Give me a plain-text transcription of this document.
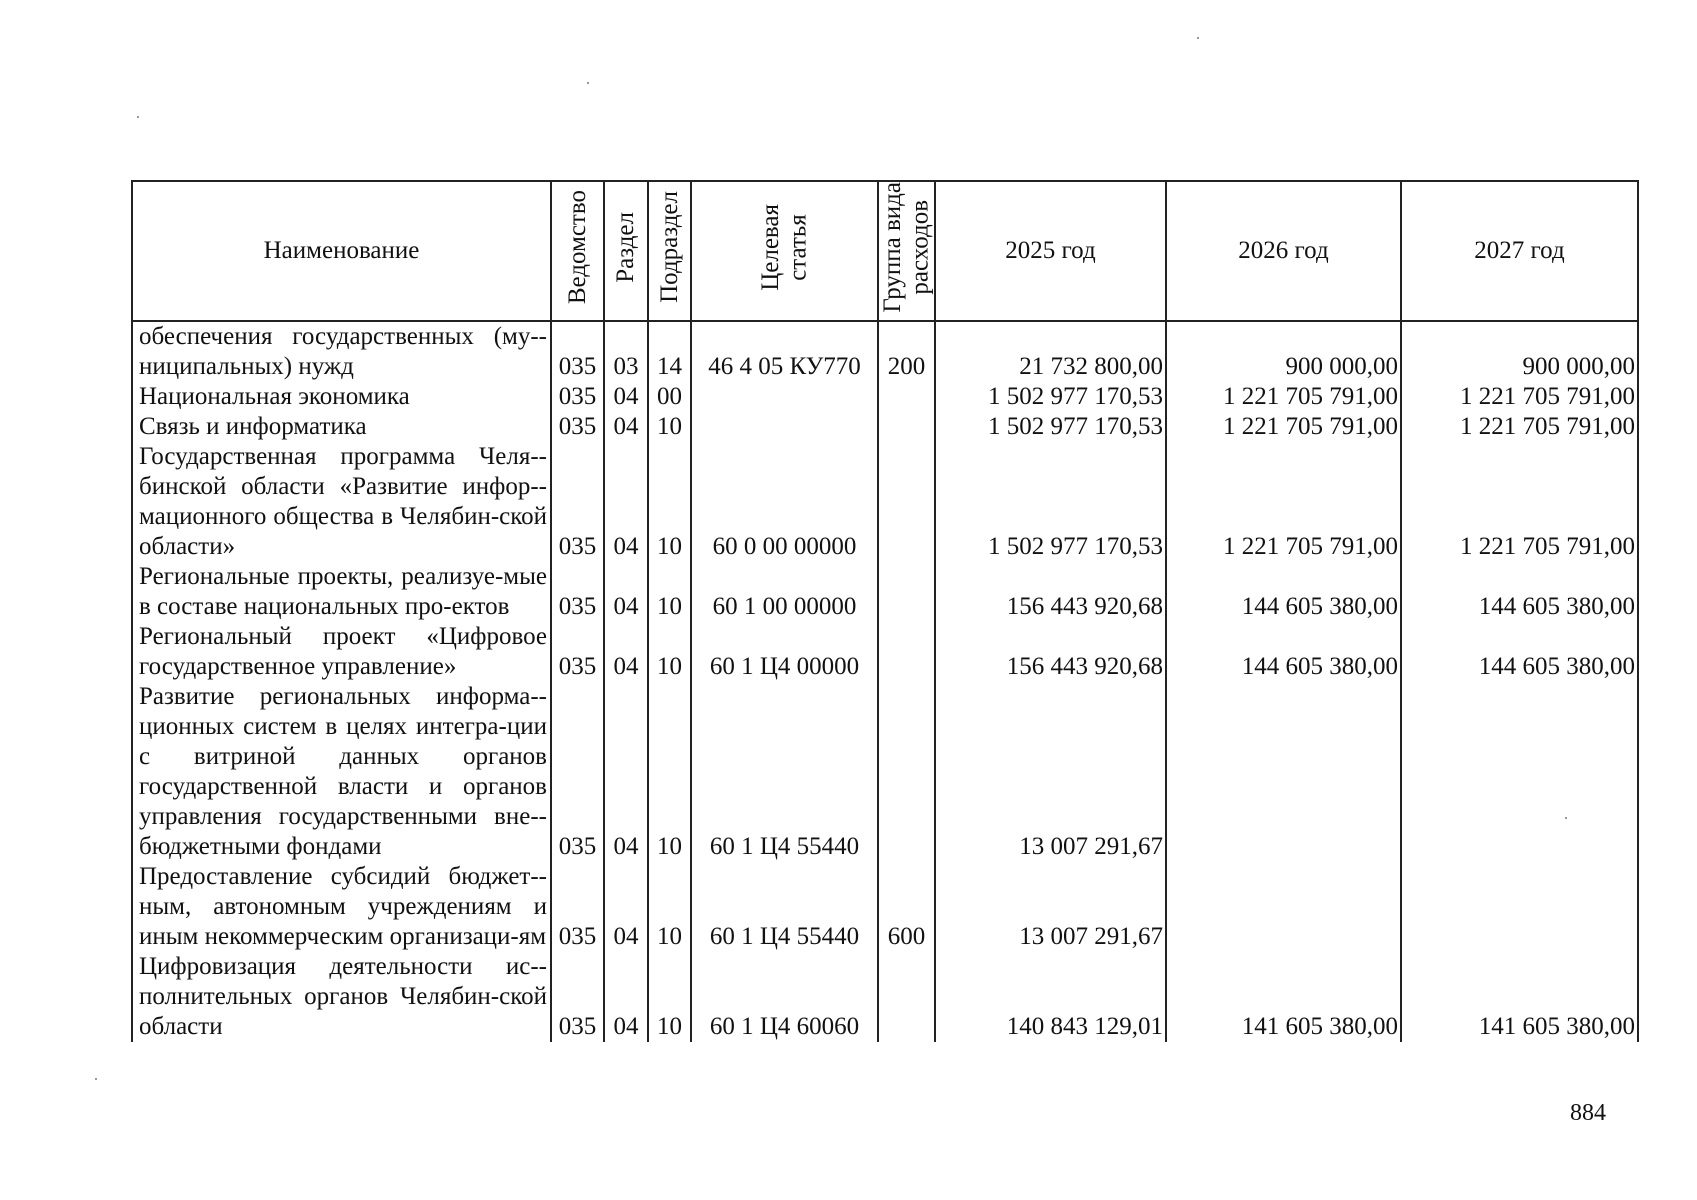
Наименование	Ведомство	Раздел	Подраздел	Целевая
статья	Группа вида
расходов	2025 год	2026 год	2027 год
обеспечения государственных (му-ниципальных) нужд	035	03	14	46 4 05 КУ770	200	21 732 800,00	900 000,00	900 000,00
Национальная экономика	035	04	00			1 502 977 170,53	1 221 705 791,00	1 221 705 791,00
Связь и информатика	035	04	10			1 502 977 170,53	1 221 705 791,00	1 221 705 791,00
Государственная программа Челя-бинской области «Развитие инфор-мационного общества в Челябин-ской области»	035	04	10	60 0 00 00000		1 502 977 170,53	1 221 705 791,00	1 221 705 791,00
Региональные проекты, реализуе-мые в составе национальных про-ектов	035	04	10	60 1 00 00000		156 443 920,68	144 605 380,00	144 605 380,00
Региональный проект «Цифровое государственное управление»	035	04	10	60 1 Ц4 00000		156 443 920,68	144 605 380,00	144 605 380,00
Развитие региональных информа-ционных систем в целях интегра-ции с витриной данных органов государственной власти и органов управления государственными вне-бюджетными фондами	035	04	10	60 1 Ц4 55440		13 007 291,67		
Предоставление субсидий бюджет-ным, автономным учреждениям и иным некоммерческим организаци-ям	035	04	10	60 1 Ц4 55440	600	13 007 291,67		
Цифровизация деятельности ис-полнительных органов Челябин-ской области	035	04	10	60 1 Ц4 60060		140 843 129,01	141 605 380,00	141 605 380,00
884
